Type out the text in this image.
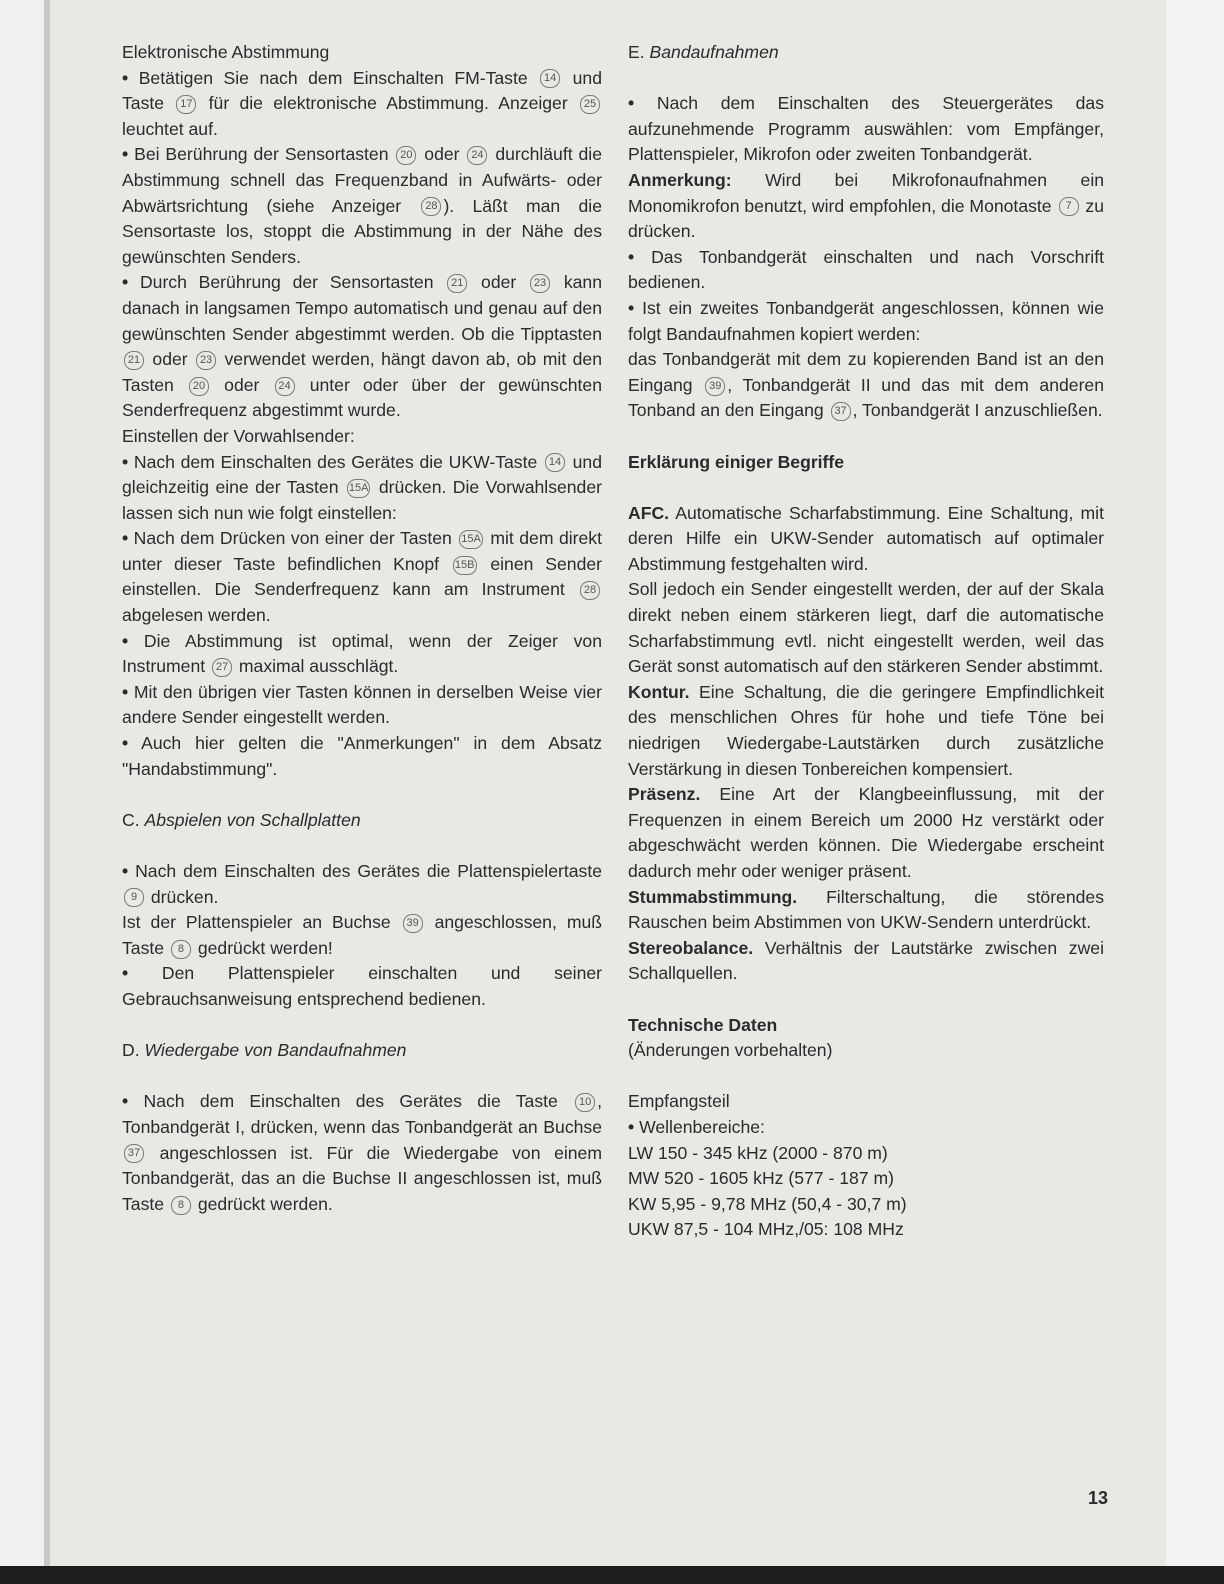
Elektronische Abstimmung

• Betätigen Sie nach dem Einschalten FM-Taste 14 und Taste 17 für die elektronische Abstimmung. Anzeiger 25 leuchtet auf.

• Bei Berührung der Sensortasten 20 oder 24 durchläuft die Abstimmung schnell das Frequenzband in Aufwärts- oder Abwärtsrichtung (siehe Anzeiger 28 ). Läßt man die Sensortaste los, stoppt die Abstimmung in der Nähe des gewünschten Senders.

• Durch Berührung der Sensortasten 21 oder 23 kann danach in langsamen Tempo automatisch und genau auf den gewünschten Sender abgestimmt werden. Ob die Tipptasten 21 oder 23 verwendet werden, hängt davon ab, ob mit den Tasten 20 oder 24 unter oder über der gewünschten Senderfrequenz abgestimmt wurde.

Einstellen der Vorwahlsender:

• Nach dem Einschalten des Gerätes die UKW-Taste 14 und gleichzeitig eine der Tasten 15A drücken. Die Vorwahlsender lassen sich nun wie folgt einstellen:

• Nach dem Drücken von einer der Tasten 15A mit dem direkt unter dieser Taste befindlichen Knopf 15B einen Sender einstellen. Die Senderfrequenz kann am Instrument 28 abgelesen werden.

• Die Abstimmung ist optimal, wenn der Zeiger von Instrument 27 maximal ausschlägt.

• Mit den übrigen vier Tasten können in derselben Weise vier andere Sender eingestellt werden.

• Auch hier gelten die "Anmerkungen" in dem Absatz "Handabstimmung".

C. Abspielen von Schallplatten

• Nach dem Einschalten des Gerätes die Plattenspielertaste 9 drücken.

Ist der Plattenspieler an Buchse 39 angeschlossen, muß Taste 8 gedrückt werden!

• Den Plattenspieler einschalten und seiner Gebrauchsanweisung entsprechend bedienen.

D. Wiedergabe von Bandaufnahmen

• Nach dem Einschalten des Gerätes die Taste 10 , Tonbandgerät I, drücken, wenn das Tonbandgerät an Buchse 37 angeschlossen ist. Für die Wiedergabe von einem Tonbandgerät, das an die Buchse II angeschlossen ist, muß Taste 8 gedrückt werden.

E. Bandaufnahmen

• Nach dem Einschalten des Steuergerätes das aufzunehmende Programm auswählen: vom Empfänger, Plattenspieler, Mikrofon oder zweiten Tonbandgerät.

Anmerkung: Wird bei Mikrofonaufnahmen ein Monomikrofon benutzt, wird empfohlen, die Monotaste 7 zu drücken.

• Das Tonbandgerät einschalten und nach Vorschrift bedienen.

• Ist ein zweites Tonbandgerät angeschlossen, können wie folgt Bandaufnahmen kopiert werden:

das Tonbandgerät mit dem zu kopierenden Band ist an den Eingang 39 , Tonbandgerät II und das mit dem anderen Tonband an den Eingang 37 , Tonbandgerät I anzuschließen.

Erklärung einiger Begriffe

AFC. Automatische Scharfabstimmung. Eine Schaltung, mit deren Hilfe ein UKW-Sender automatisch auf optimaler Abstimmung festgehalten wird.

Soll jedoch ein Sender eingestellt werden, der auf der Skala direkt neben einem stärkeren liegt, darf die automatische Scharfabstimmung evtl. nicht eingestellt werden, weil das Gerät sonst automatisch auf den stärkeren Sender abstimmt.

Kontur. Eine Schaltung, die die geringere Empfindlichkeit des menschlichen Ohres für hohe und tiefe Töne bei niedrigen Wiedergabe-Lautstärken durch zusätzliche Verstärkung in diesen Tonbereichen kompensiert.

Präsenz. Eine Art der Klangbeeinflussung, mit der Frequenzen in einem Bereich um 2000 Hz verstärkt oder abgeschwächt werden können. Die Wiedergabe erscheint dadurch mehr oder weniger präsent.

Stummabstimmung. Filterschaltung, die störendes Rauschen beim Abstimmen von UKW-Sendern unterdrückt.

Stereobalance. Verhältnis der Lautstärke zwischen zwei Schallquellen.

Technische Daten

(Änderungen vorbehalten)

Empfangsteil

• Wellenbereiche:

LW 150 - 345 kHz (2000 - 870 m)

MW 520 - 1605 kHz (577 - 187 m)

KW 5,95 - 9,78 MHz (50,4 - 30,7 m)

UKW 87,5 - 104 MHz,/05: 108 MHz

13
